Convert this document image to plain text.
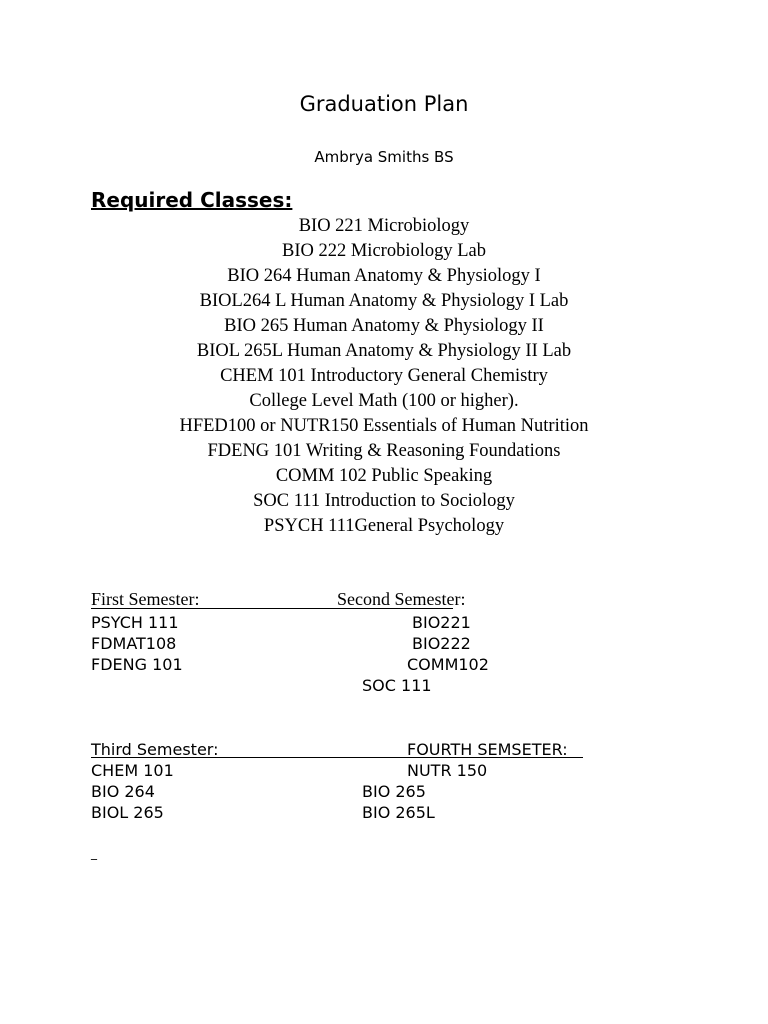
Graduation Plan
Ambrya Smiths BS
Required Classes:
BIO 221 Microbiology
BIO 222 Microbiology Lab
BIO 264 Human Anatomy & Physiology I
BIOL264 L Human Anatomy & Physiology I Lab
BIO 265 Human Anatomy & Physiology II
BIOL 265L Human Anatomy & Physiology II Lab
CHEM 101 Introductory General Chemistry
College Level Math (100 or higher).
HFED100 or NUTR150 Essentials of Human Nutrition
FDENG 101 Writing & Reasoning Foundations
COMM 102 Public Speaking
SOC 111 Introduction to Sociology
PSYCH 111General Psychology
First Semester:	Second Semester:
PSYCH 111
FDMAT108
FDENG 101
BIO221
BIO222
COMM102
SOC 111
Third Semester:	FOURTH SEMSETER:
CHEM 101
BIO 264
BIOL 265
NUTR 150
BIO 265
BIO 265L
_
